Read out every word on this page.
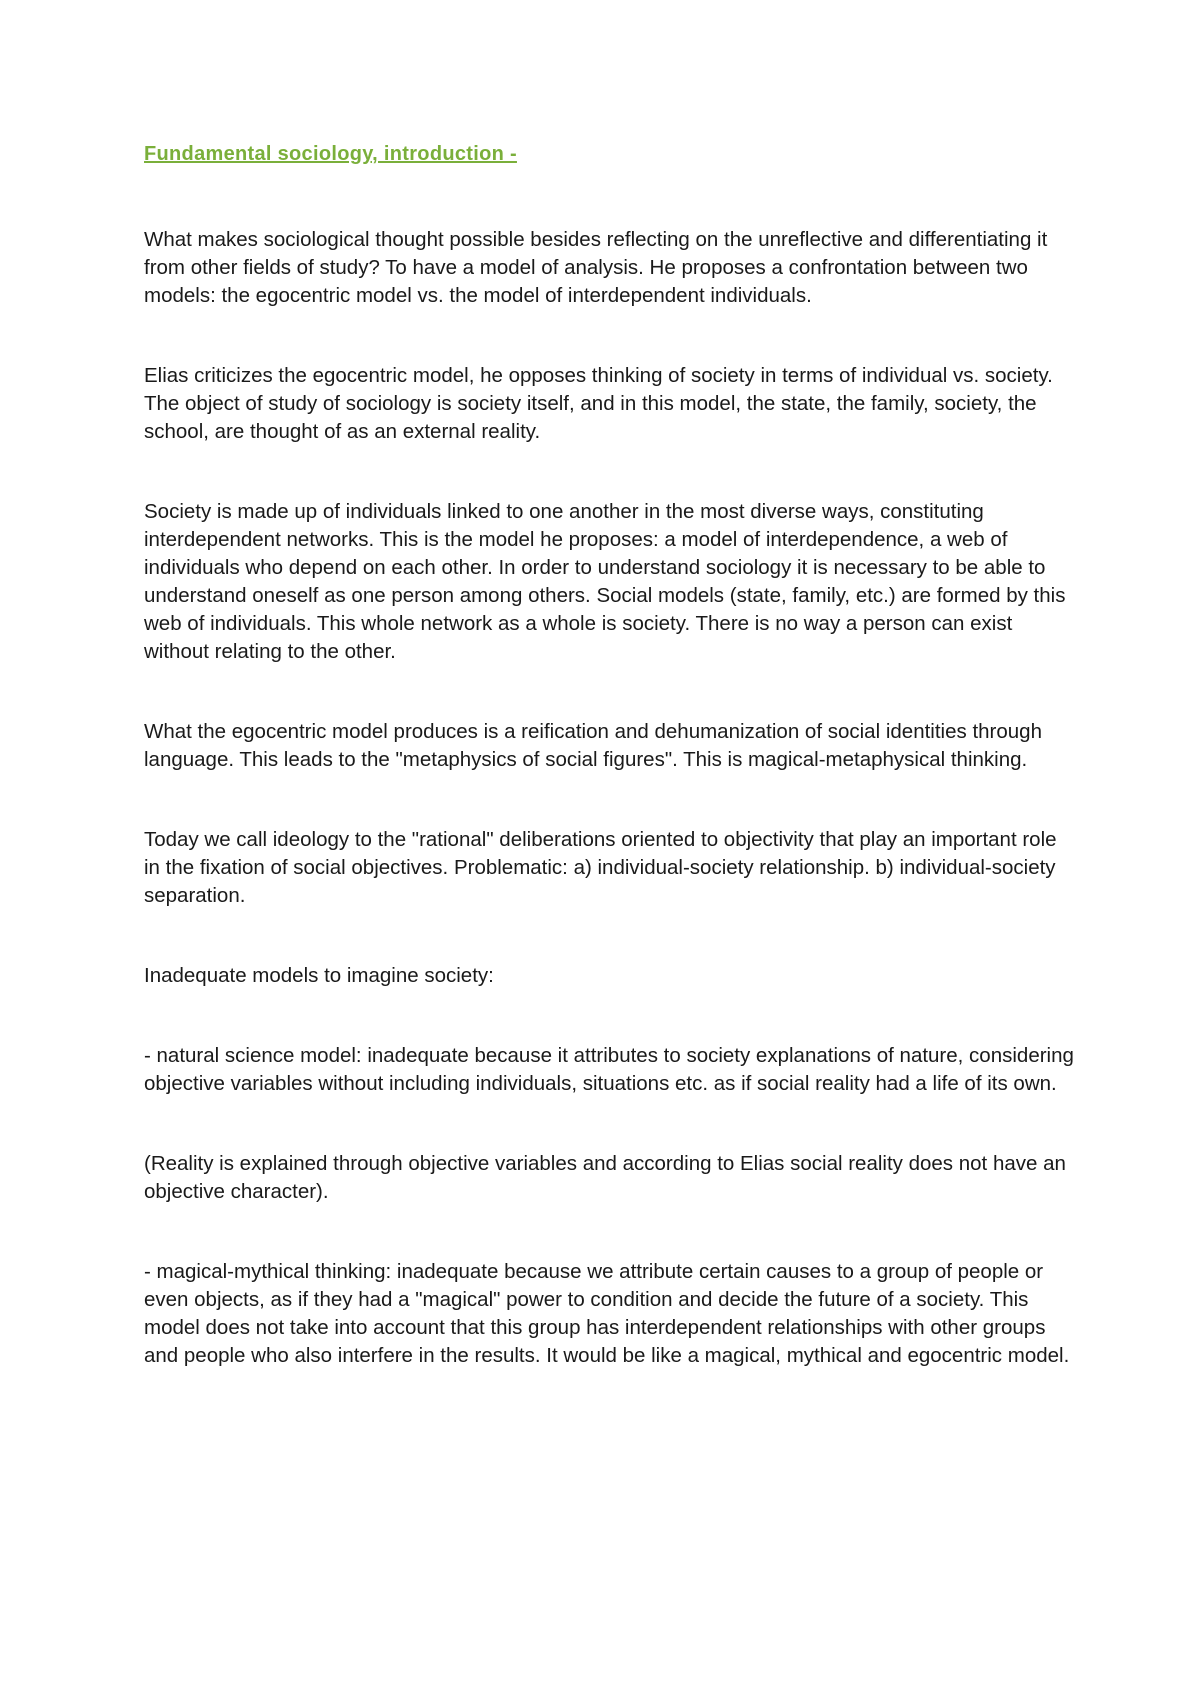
Fundamental sociology, introduction -

What makes sociological thought possible besides reflecting on the unreflective and differentiating it from other fields of study? To have a model of analysis. He proposes a confrontation between two models: the egocentric model vs. the model of interdependent individuals.

Elias criticizes the egocentric model, he opposes thinking of society in terms of individual vs. society. The object of study of sociology is society itself, and in this model, the state, the family, society, the school, are thought of as an external reality.

Society is made up of individuals linked to one another in the most diverse ways, constituting interdependent networks. This is the model he proposes: a model of interdependence, a web of individuals who depend on each other. In order to understand sociology it is necessary to be able to understand oneself as one person among others. Social models (state, family, etc.) are formed by this web of individuals. This whole network as a whole is society. There is no way a person can exist without relating to the other.

What the egocentric model produces is a reification and dehumanization of social identities through language. This leads to the "metaphysics of social figures". This is magical-metaphysical thinking.

Today we call ideology to the "rational" deliberations oriented to objectivity that play an important role in the fixation of social objectives. Problematic: a) individual-society relationship. b) individual-society separation.

Inadequate models to imagine society:

- natural science model: inadequate because it attributes to society explanations of nature, considering objective variables without including individuals, situations etc. as if social reality had a life of its own.

(Reality is explained through objective variables and according to Elias social reality does not have an objective character).

- magical-mythical thinking: inadequate because we attribute certain causes to a group of people or even objects, as if they had a "magical" power to condition and decide the future of a society. This model does not take into account that this group has interdependent relationships with other groups and people who also interfere in the results. It would be like a magical, mythical and egocentric model.
